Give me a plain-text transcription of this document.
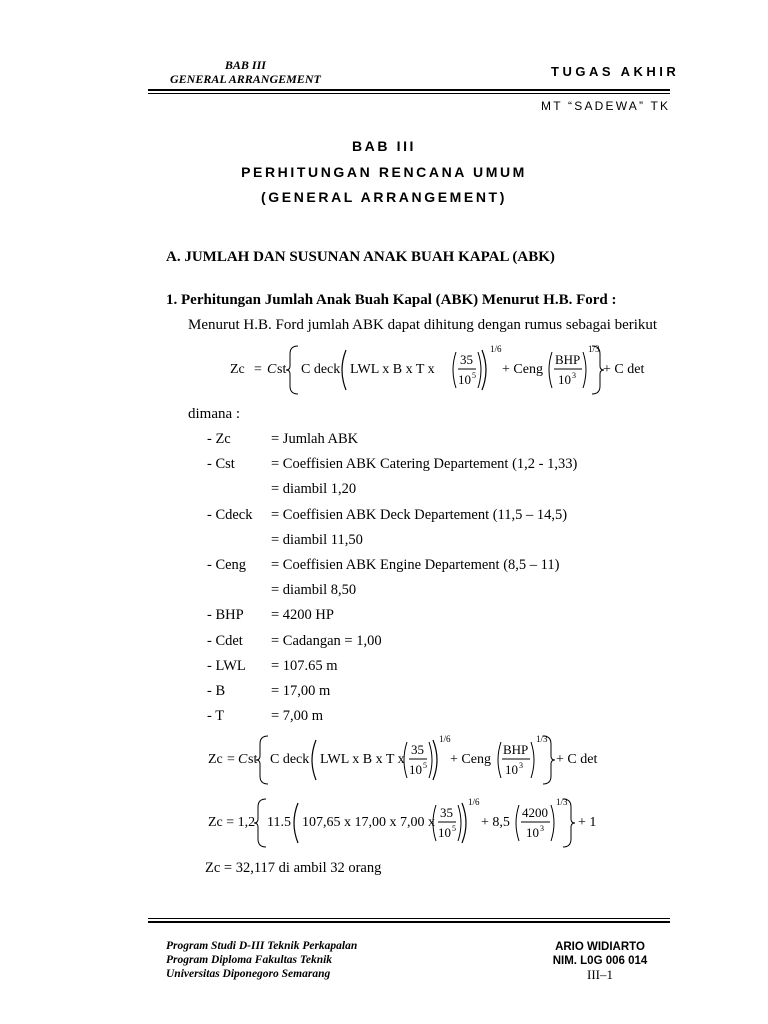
BAB III
GENERAL ARRANGEMENT	TUGAS AKHIR
MT “SADEWA” TK
BAB III
PERHITUNGAN RENCANA UMUM
(GENERAL ARRANGEMENT)
A. JUMLAH DAN SUSUNAN ANAK BUAH KAPAL (ABK)
1. Perhitungan Jumlah Anak Buah Kapal (ABK) Menurut H.B. Ford :
Menurut H.B. Ford jumlah ABK dapat dihitung dengan rumus sebagai berikut
Zc = C st C deck LWL x B x T x
35
10 5
1/6
+ Ceng
BHP
10 3
1/3
+ C det
dimana :
- Zc	= Jumlah ABK
- Cst = Coeffisien ABK Catering Departement (1,2 - 1,33)
= diambil 1,20
- Cdeck = Coeffisien ABK Deck Departement (11,5 – 14,5)
= diambil 11,50
- Ceng = Coeffisien ABK Engine Departement (8,5 – 11)
= diambil 8,50
- BHP = 4200 HP
- Cdet = Cadangan = 1,00
- LWL = 107.65 m
- B	= 17,00 m
- T	= 7,00 m
Zc = C st C deck LWL x B x T x
35
10 5
1/6
+ Ceng
BHP
10 3
1/3
+ C det
Zc = 1,2 11.5 107,65 x 17,00 x 7,00 x
35
10 5
1/6
+ 8,5
4200
10 3
1/3
+ 1
Zc = 32,117 di ambil 32 orang
Program Studi D-III Teknik Perkapalan
Program Diploma Fakultas Teknik
Universitas Diponegoro Semarang
ARIO WIDIARTO
NIM. L0G 006 014
III–1
